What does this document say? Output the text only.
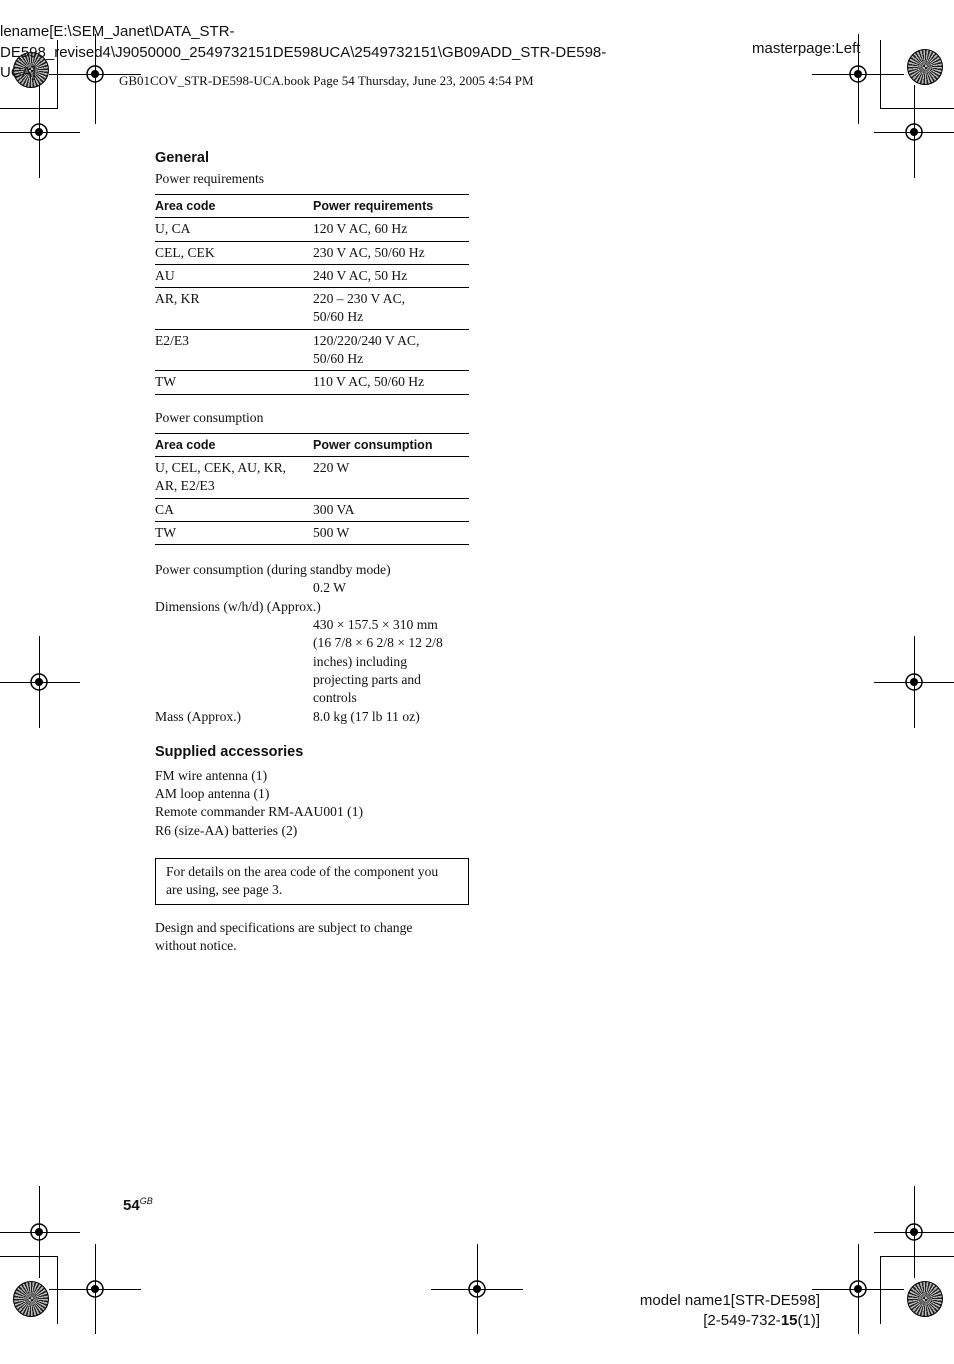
lename[E:\SEM_Janet\DATA_STR-
DE598_revised4\J9050000_2549732151DE598UCA\2549732151\GB09ADD_STR-DE598-
UCA]
masterpage:Left
GB01COV_STR-DE598-UCA.book Page 54 Thursday, June 23, 2005 4:54 PM
General
Power requirements
Area code	Power requirements
U, CA	120 V AC, 60 Hz
CEL, CEK	230 V AC, 50/60 Hz
AU	240 V AC, 50 Hz
AR, KR	220 – 230 V AC,
50/60 Hz
E2/E3	120/220/240 V AC,
50/60 Hz
TW	110 V AC, 50/60 Hz
Power consumption
Area code	Power consumption
U, CEL, CEK, AU, KR,
AR, E2/E3	220 W
CA	300 VA
TW	500 W
Power consumption (during standby mode)
0.2 W
Dimensions (w/h/d) (Approx.)
430 × 157.5 × 310 mm
(16 7/8 × 6 2/8 × 12 2/8
inches) including
projecting parts and
controls
Mass (Approx.)	8.0 kg (17 lb 11 oz)
Supplied accessories
FM wire antenna (1)
AM loop antenna (1)
Remote commander RM-AAU001 (1)
R6 (size-AA) batteries (2)
For details on the area code of the component you are using, see page 3.
Design and specifications are subject to change
without notice.
$54^{GB}$
model name1[STR-DE598]
[2-549-732-15(1)]
